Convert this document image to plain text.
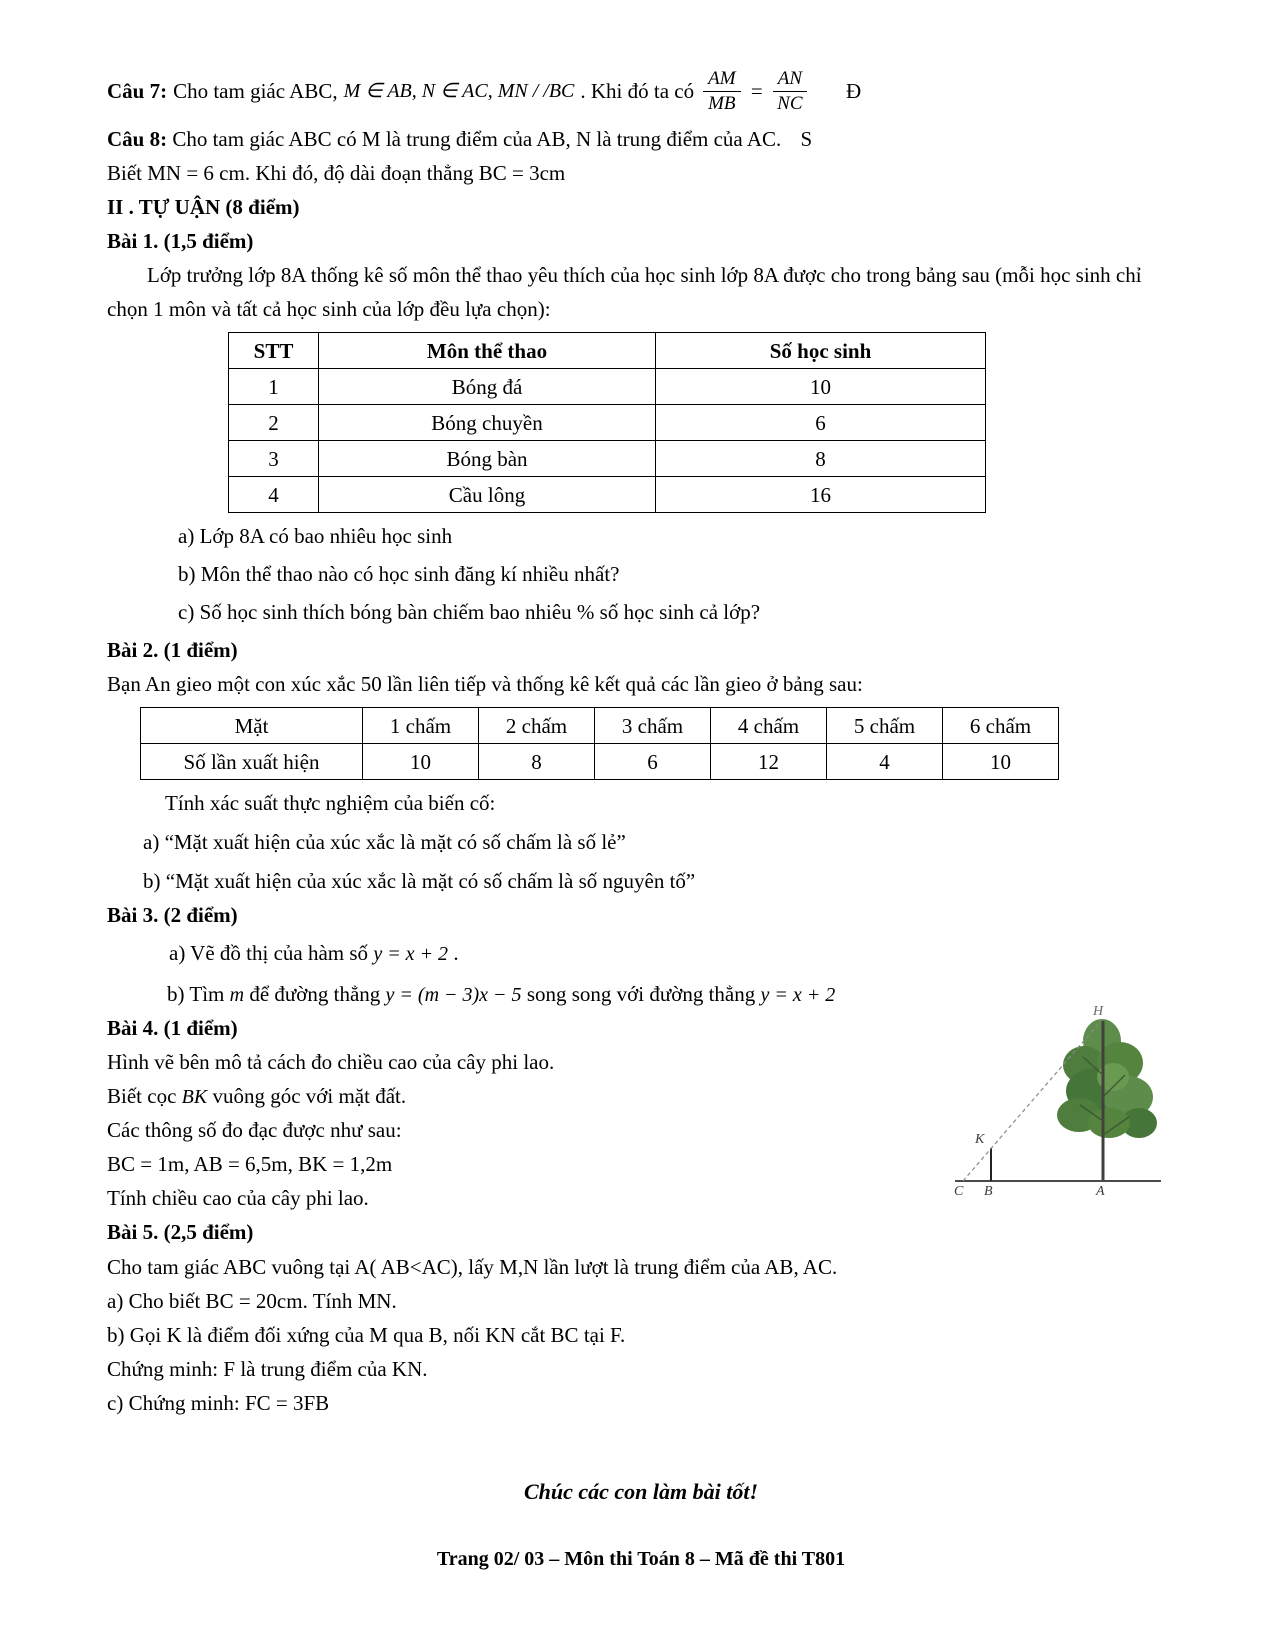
Câu 7: Cho tam giác ABC, M ∈ AB, N ∈ AC, MN / /BC . Khi đó ta có $\frac{AM}{MB} = \frac{AN}{NC}$ Đ

Câu 8: Cho tam giác ABC có M là trung điểm của AB, N là trung điểm của AC. S

Biết MN = 6 cm. Khi đó, độ dài đoạn thẳng BC = 3cm

II . TỰ UẬN (8 điểm)

Bài 1. (1,5 điểm)

Lớp trưởng lớp 8A thống kê số môn thể thao yêu thích của học sinh lớp 8A được cho trong bảng sau (mỗi học sinh chỉ chọn 1 môn và tất cả học sinh của lớp đều lựa chọn):

STT	Môn thể thao	Số học sinh
1	Bóng đá	10
2	Bóng chuyền	6
3	Bóng bàn	8
4	Cầu lông	16

a) Lớp 8A có bao nhiêu học sinh

b) Môn thể thao nào có học sinh đăng kí nhiều nhất?

c) Số học sinh thích bóng bàn chiếm bao nhiêu % số học sinh cả lớp?

Bài 2. (1 điểm)

Bạn An gieo một con xúc xắc 50 lần liên tiếp và thống kê kết quả các lần gieo ở bảng sau:

Mặt	1 chấm	2 chấm	3 chấm	4 chấm	5 chấm	6 chấm
Số lần xuất hiện	10	8	6	12	4	10

Tính xác suất thực nghiệm của biến cố:

a) “Mặt xuất hiện của xúc xắc là mặt có số chấm là số lẻ”

b) “Mặt xuất hiện của xúc xắc là mặt có số chấm là số nguyên tố”

Bài 3. (2 điểm)

a) Vẽ đồ thị của hàm số y = x + 2 .

b) Tìm m để đường thẳng y = (m − 3)x − 5 song song với đường thẳng y = x + 2

H
K
C B	A

Bài 4. (1 điểm)

Hình vẽ bên mô tả cách đo chiều cao của cây phi lao.

Biết cọc BK vuông góc với mặt đất.

Các thông số đo đạc được như sau:

BC = 1m, AB = 6,5m, BK = 1,2m

Tính chiều cao của cây phi lao.

Bài 5. (2,5 điểm)

Cho tam giác ABC vuông tại A( AB<AC), lấy M,N lần lượt là trung điểm của AB, AC.

a) Cho biết BC = 20cm. Tính MN.

b) Gọi K là điểm đối xứng của M qua B, nối KN cắt BC tại F.

Chứng minh: F là trung điểm của KN.

c) Chứng minh: FC = 3FB

Chúc các con làm bài tốt!

Trang 02/ 03 – Môn thi Toán 8 – Mã đề thi T801
